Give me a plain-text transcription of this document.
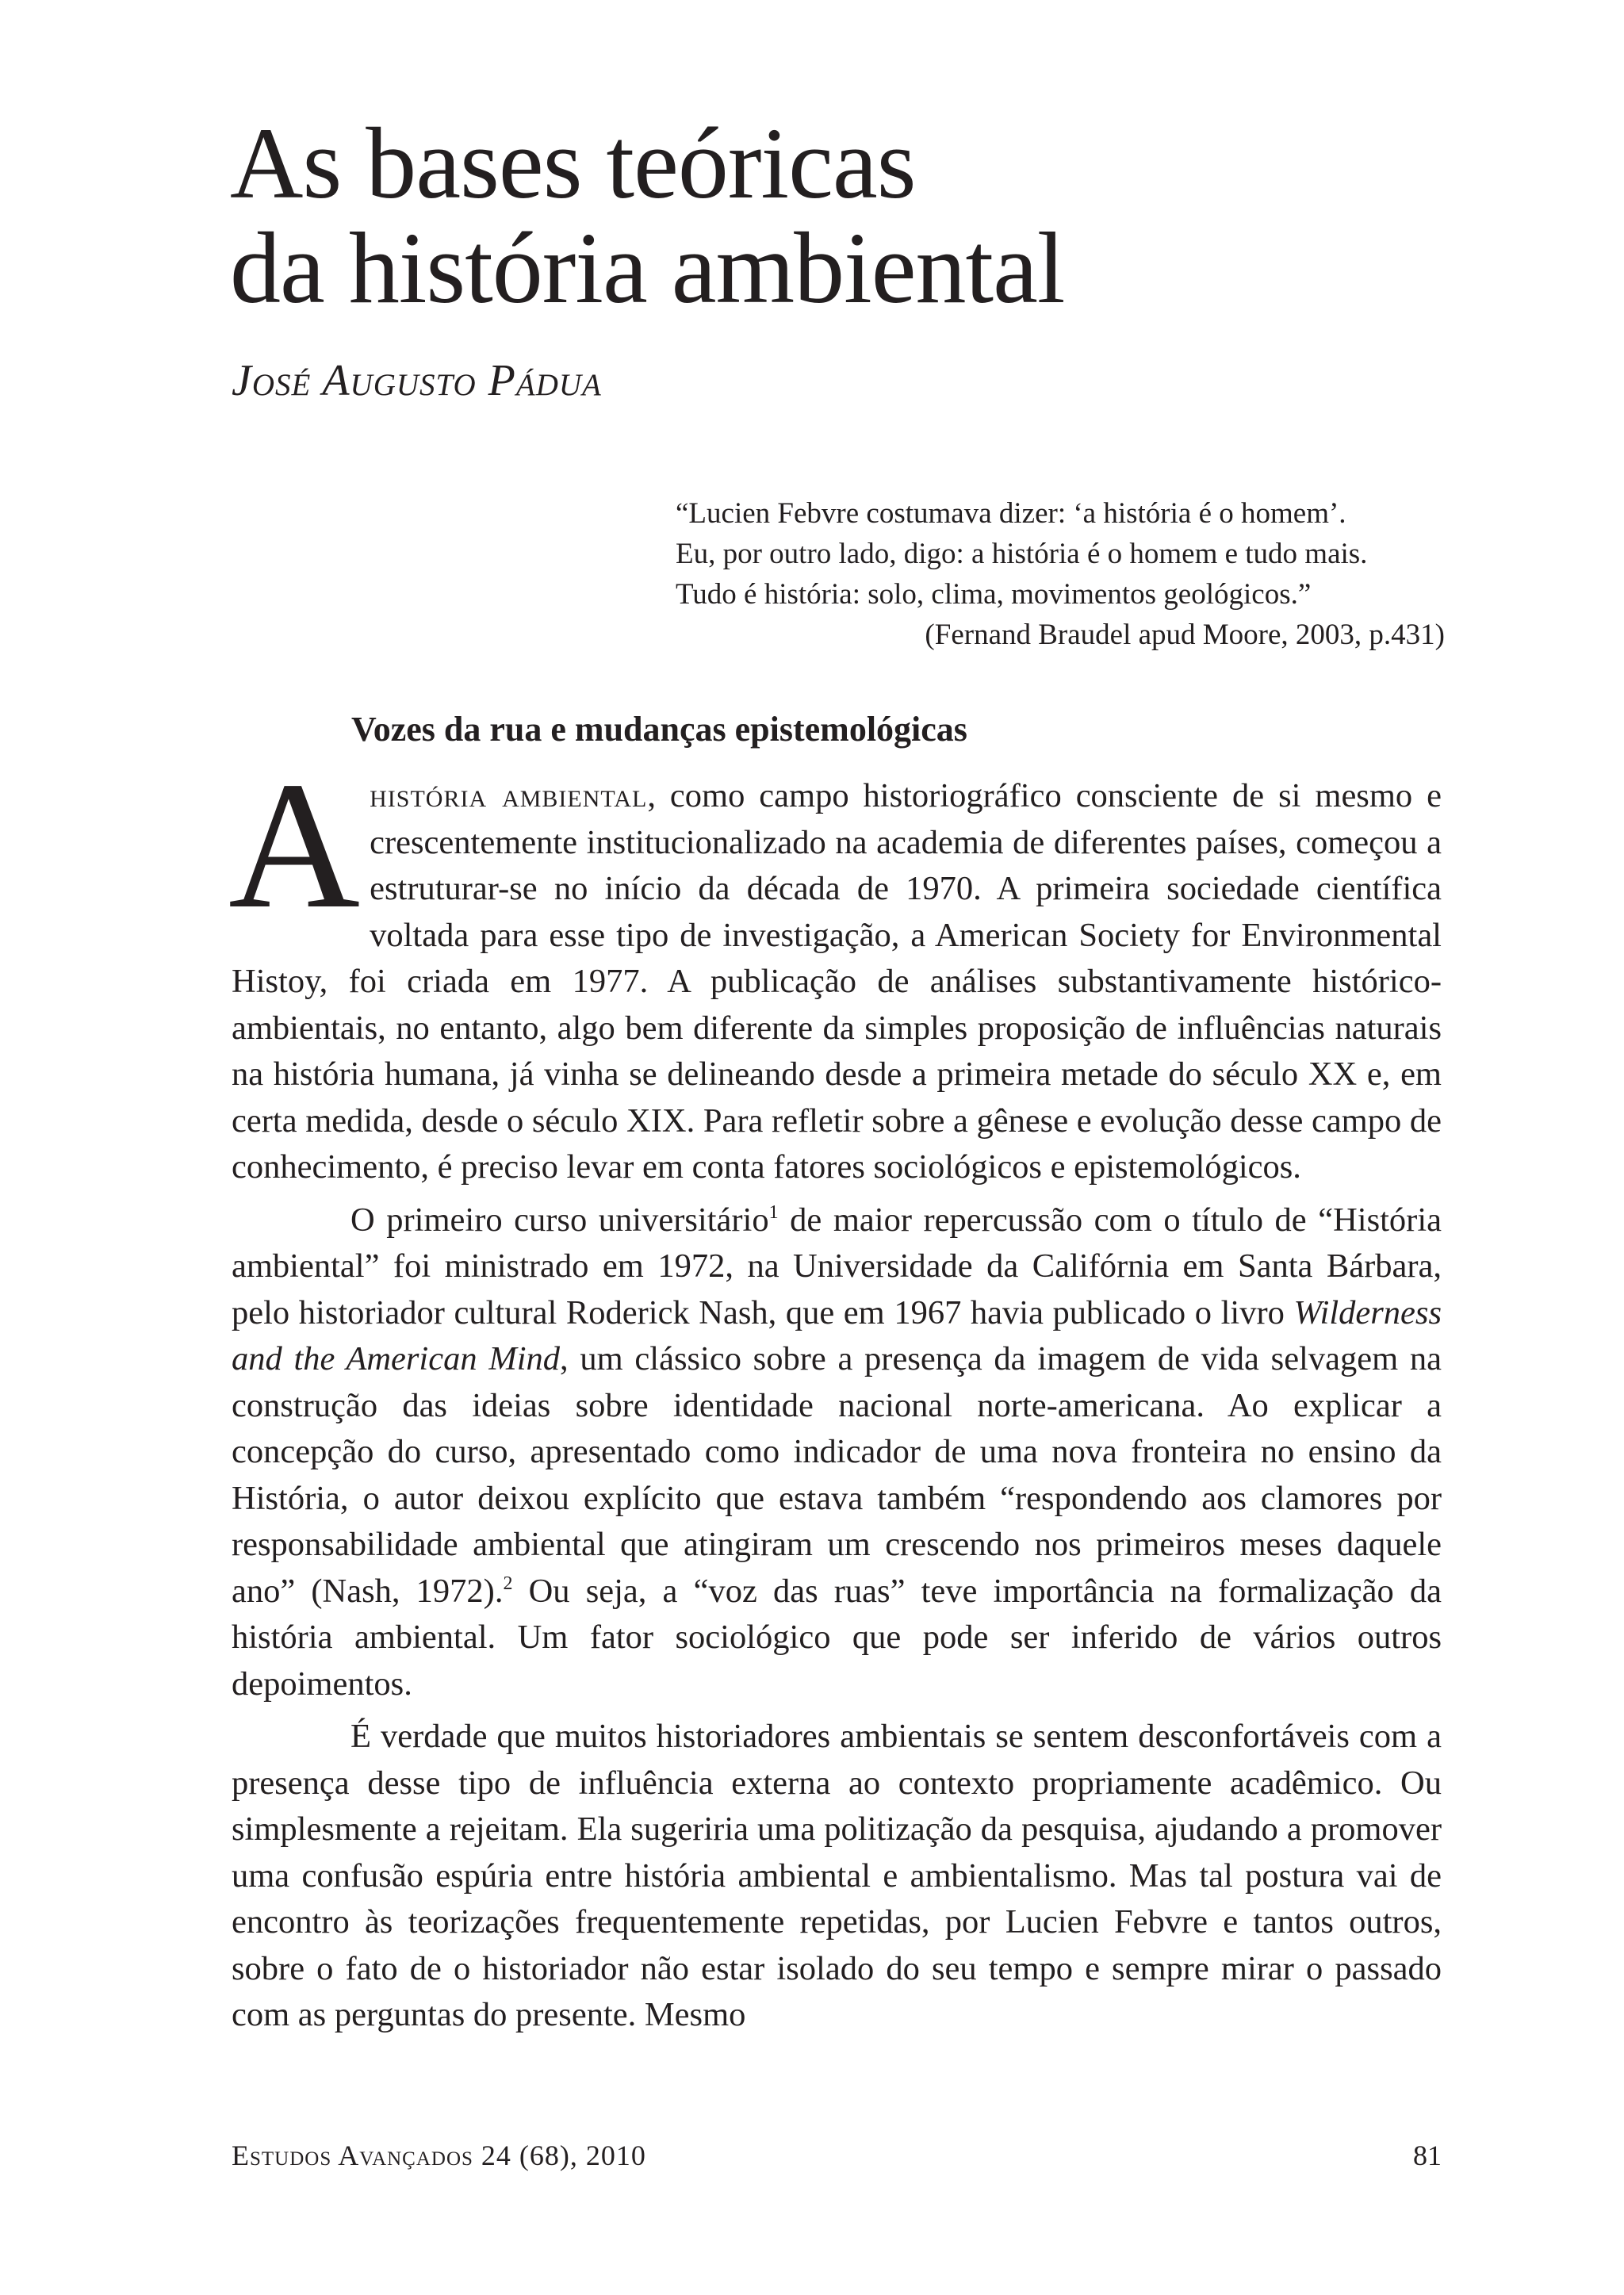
As bases teóricas
da história ambiental
José Augusto Pádua
“Lucien Febvre costumava dizer: ‘a história é o homem’.
Eu, por outro lado, digo: a história é o homem e tudo mais.
Tudo é história: solo, clima, movimentos geológicos.”
(Fernand Braudel apud Moore, 2003, p.431)
Vozes da rua e mudanças epistemológicas

A história ambiental, como campo historiográfico consciente de si mesmo e crescentemente institucionalizado na academia de diferentes países, começou a estruturar-se no início da década de 1970. A primeira sociedade científica voltada para esse tipo de investigação, a American Society for Environmental Histoy, foi criada em 1977. A publicação de análises substantivamente histórico-ambientais, no entanto, algo bem diferente da simples proposição de influências naturais na história humana, já vinha se delineando desde a primeira metade do século XX e, em certa medida, desde o século XIX. Para refletir sobre a gênese e evolução desse campo de conhecimento, é preciso levar em conta fatores sociológicos e epistemológicos.

O primeiro curso universitário$^1$ de maior repercussão com o título de “História ambiental” foi ministrado em 1972, na Universidade da Califórnia em Santa Bárbara, pelo historiador cultural Roderick Nash, que em 1967 havia publicado o livro Wilderness and the American Mind, um clássico sobre a presença da imagem de vida selvagem na construção das ideias sobre identidade nacional norte-americana. Ao explicar a concepção do curso, apresentado como indicador de uma nova fronteira no ensino da História, o autor deixou explícito que estava também “respondendo aos clamores por responsabilidade ambiental que atingiram um crescendo nos primeiros meses daquele ano” (Nash, 1972).$^2$ Ou seja, a “voz das ruas” teve importância na formalização da história ambiental. Um fator sociológico que pode ser inferido de vários outros depoimentos.

É verdade que muitos historiadores ambientais se sentem desconfortáveis com a presença desse tipo de influência externa ao contexto propriamente acadêmico. Ou simplesmente a rejeitam. Ela sugeriria uma politização da pesquisa, ajudando a promover uma confusão espúria entre história ambiental e ambientalismo. Mas tal postura vai de encontro às teorizações frequentemente repetidas, por Lucien Febvre e tantos outros, sobre o fato de o historiador não estar isolado do seu tempo e sempre mirar o passado com as perguntas do presente. Mesmo

Estudos Avançados 24 (68), 2010	81
